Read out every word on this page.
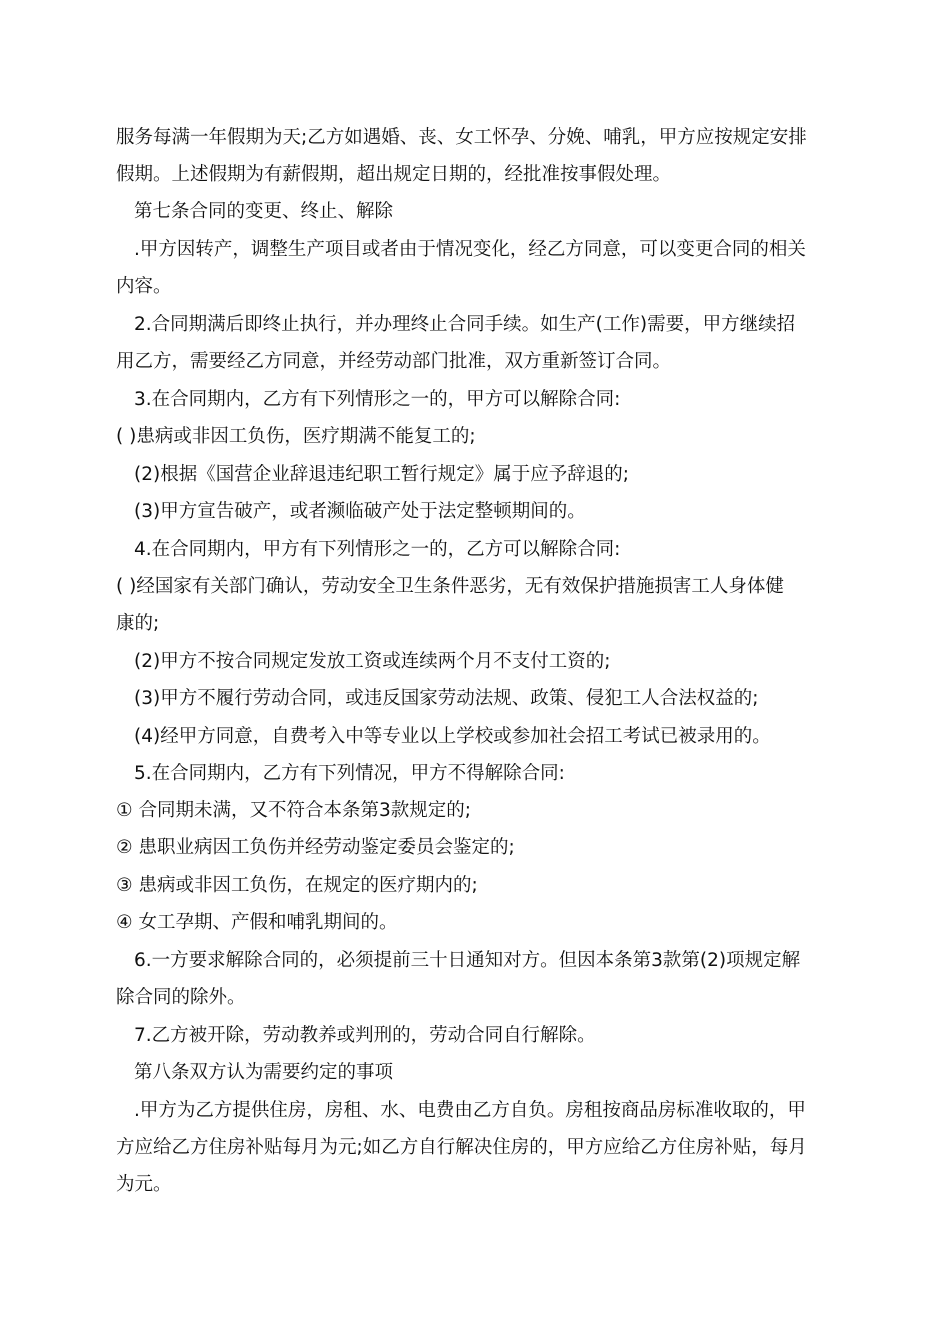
服务每满一年假期为天;乙方如遇婚、丧、女工怀孕、分娩、哺乳，甲方应按规定安排
假期。上述假期为有薪假期，超出规定日期的，经批准按事假处理。
第七条合同的变更、终止、解除
.甲方因转产，调整生产项目或者由于情况变化，经乙方同意，可以变更合同的相关
内容。
2.合同期满后即终止执行，并办理终止合同手续。如生产(工作)需要，甲方继续招
用乙方，需要经乙方同意，并经劳动部门批准，双方重新签订合同。
3.在合同期内，乙方有下列情形之一的，甲方可以解除合同:
( )患病或非因工负伤，医疗期满不能复工的;
(2)根据《国营企业辞退违纪职工暂行规定》属于应予辞退的;
(3)甲方宣告破产，或者濒临破产处于法定整顿期间的。
4.在合同期内，甲方有下列情形之一的，乙方可以解除合同:
( )经国家有关部门确认，劳动安全卫生条件恶劣，无有效保护措施损害工人身体健
康的;
(2)甲方不按合同规定发放工资或连续两个月不支付工资的;
(3)甲方不履行劳动合同，或违反国家劳动法规、政策、侵犯工人合法权益的;
(4)经甲方同意，自费考入中等专业以上学校或参加社会招工考试已被录用的。
5.在合同期内，乙方有下列情况，甲方不得解除合同:
① 合同期未满，又不符合本条第3款规定的;
② 患职业病因工负伤并经劳动鉴定委员会鉴定的;
③ 患病或非因工负伤，在规定的医疗期内的;
④ 女工孕期、产假和哺乳期间的。
6.一方要求解除合同的，必须提前三十日通知对方。但因本条第3款第(2)项规定解
除合同的除外。
7.乙方被开除，劳动教养或判刑的，劳动合同自行解除。
第八条双方认为需要约定的事项
.甲方为乙方提供住房，房租、水、电费由乙方自负。房租按商品房标准收取的，甲
方应给乙方住房补贴每月为元;如乙方自行解决住房的，甲方应给乙方住房补贴，每月
为元。
